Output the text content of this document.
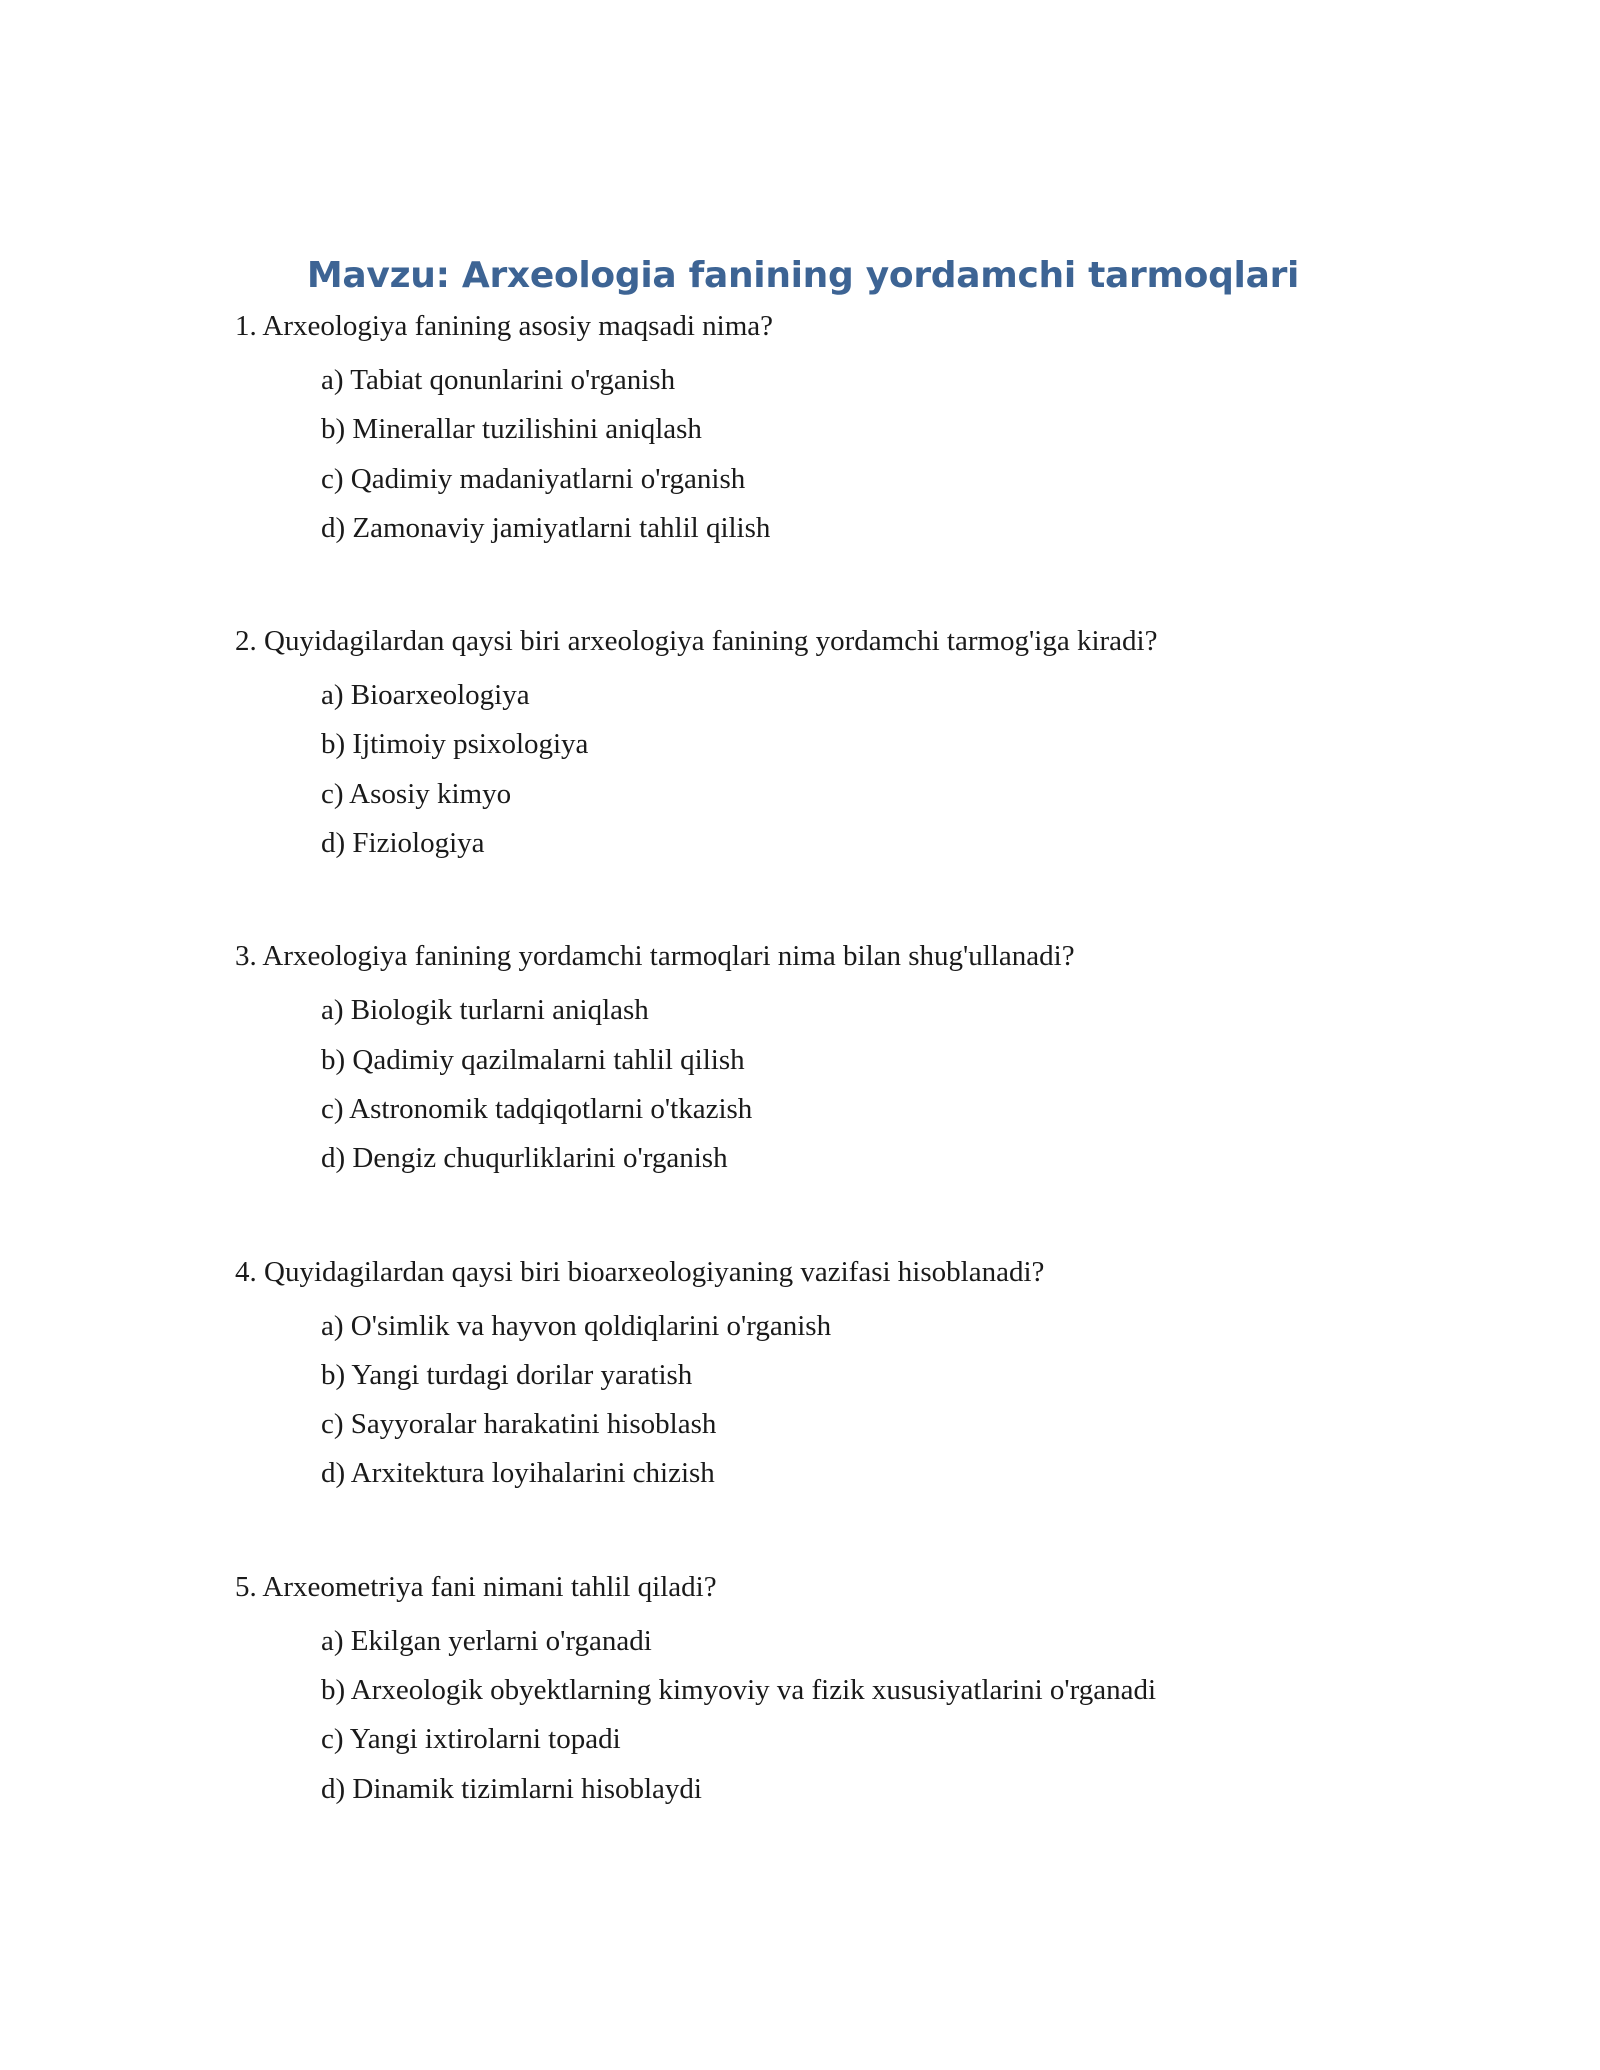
Mavzu: Arxeologia fanining yordamchi tarmoqlari
1. Arxeologiya fanining asosiy maqsadi nima?
a) Tabiat qonunlarini o'rganish
b) Minerallar tuzilishini aniqlash
c) Qadimiy madaniyatlarni o'rganish
d) Zamonaviy jamiyatlarni tahlil qilish
2. Quyidagilardan qaysi biri arxeologiya fanining yordamchi tarmog'iga kiradi?
a) Bioarxeologiya
b) Ijtimoiy psixologiya
c) Asosiy kimyo
d) Fiziologiya
3. Arxeologiya fanining yordamchi tarmoqlari nima bilan shug'ullanadi?
a) Biologik turlarni aniqlash
b) Qadimiy qazilmalarni tahlil qilish
c) Astronomik tadqiqotlarni o'tkazish
d) Dengiz chuqurliklarini o'rganish
4. Quyidagilardan qaysi biri bioarxeologiyaning vazifasi hisoblanadi?
a) O'simlik va hayvon qoldiqlarini o'rganish
b) Yangi turdagi dorilar yaratish
c) Sayyoralar harakatini hisoblash
d) Arxitektura loyihalarini chizish
5. Arxeometriya fani nimani tahlil qiladi?
a) Ekilgan yerlarni o'rganadi
b) Arxeologik obyektlarning kimyoviy va fizik xususiyatlarini o'rganadi
c) Yangi ixtirolarni topadi
d) Dinamik tizimlarni hisoblaydi
